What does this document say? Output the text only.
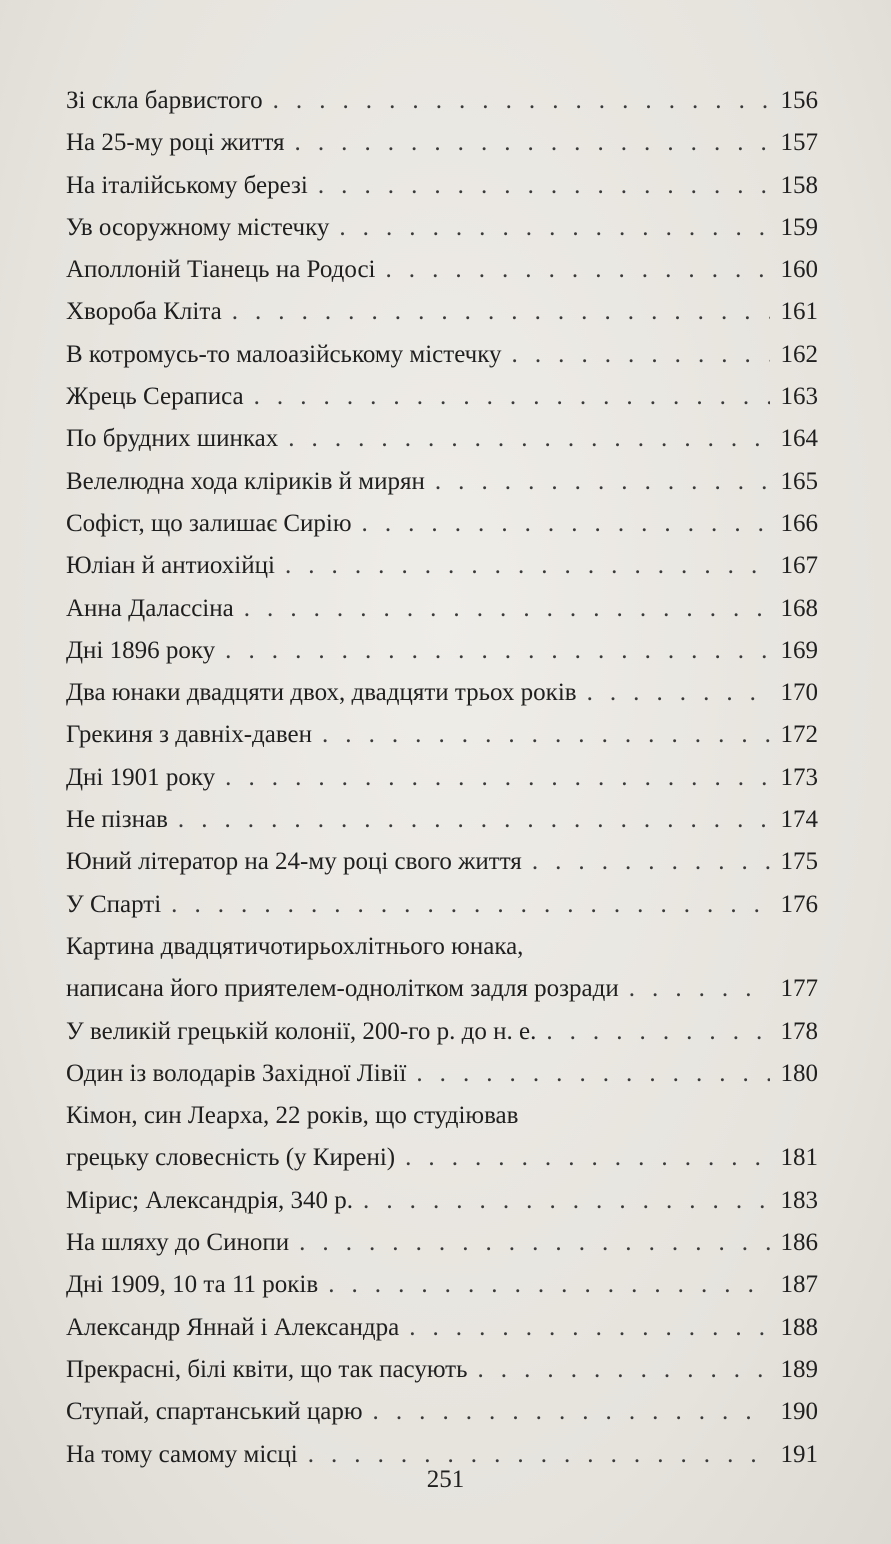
Зі скла барвистого . . .	156
На 25-му році життя . . .	157
На італійському березі . . .	158
Ув осоружному містечку . . .	159
Аполлоній Тіанець на Родосі . . .	160
Хвороба Кліта . . .	161
В котромусь-то малоазійському містечку . . .	162
Жрець Сераписа . . .	163
По брудних шинках . . .	164
Велелюдна хода кліриків й мирян . . .	165
Софіст, що залишає Сирію . . .	166
Юліан й антиохійці . . .	167
Анна Далассіна . . .	168
Дні 1896 року . . .	169
Два юнаки двадцяти двох, двадцяти трьох років . . .	170
Грекиня з давніх-давен . . .	172
Дні 1901 року . . .	173
Не пізнав . . .	174
Юний літератор на 24-му році свого життя . . .	175
У Спарті . . .	176
Картина двадцятичотирьохлітнього юнака,
написана його приятелем-однолітком задля розради . . .	177
У великій грецькій колонії, 200-го р. до н. е. . . .	178
Один із володарів Західної Лівії . . .	180
Кімон, син Леарха, 22 років, що студіював
грецьку словесність (у Кирені) . . .	181
Мірис; Александрія, 340 р. . . .	183
На шляху до Синопи . . .	186
Дні 1909, 10 та 11 років . . .	187
Александр Яннай і Александра . . .	188
Прекрасні, білі квіти, що так пасують . . .	189
Ступай, спартанський царю . . .	190
На тому самому місці . . .	191
251
